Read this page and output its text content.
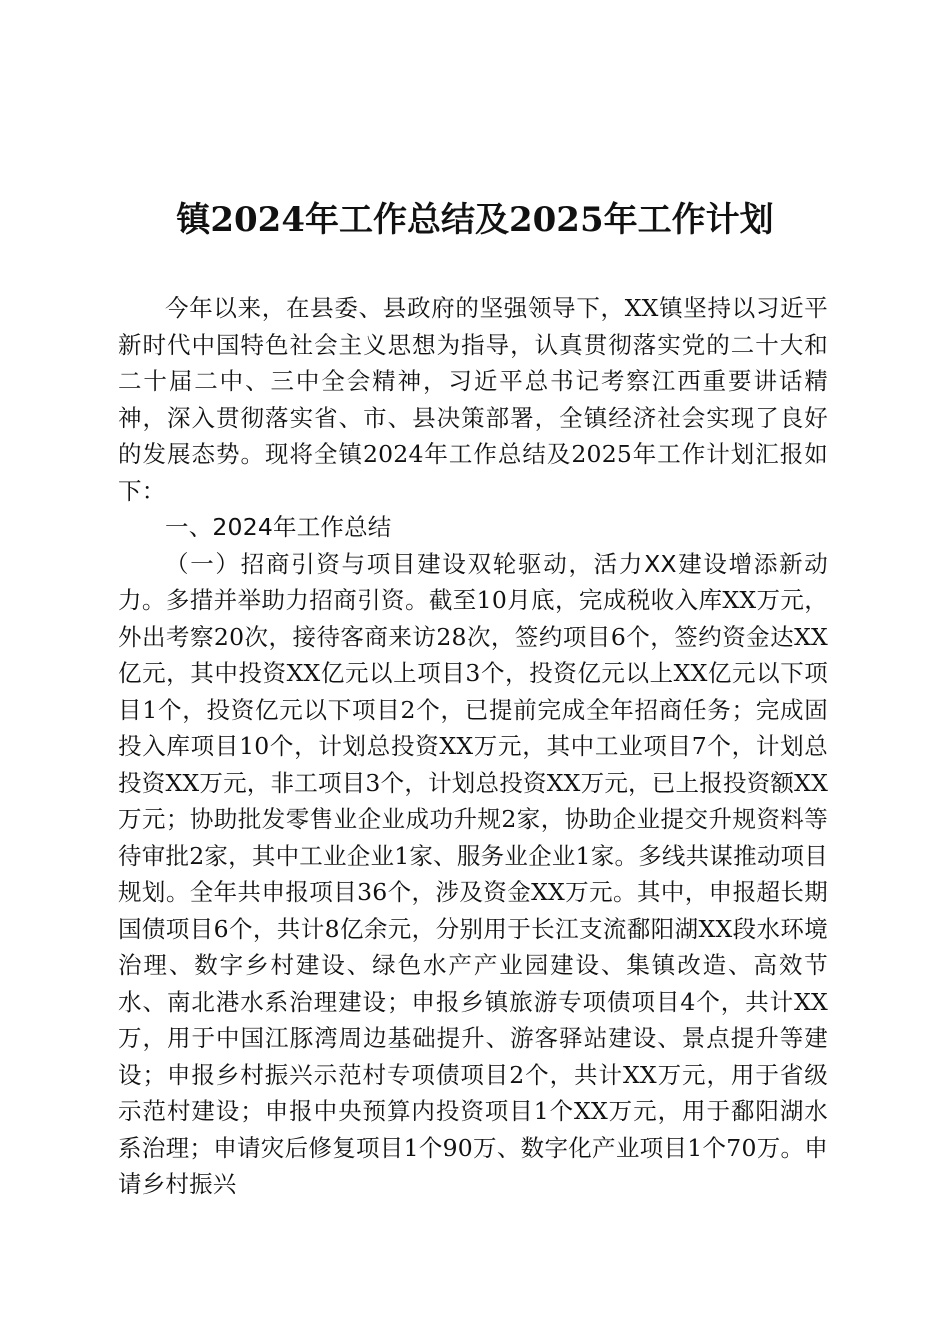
镇2024年工作总结及2025年工作计划

今年以来，在县委、县政府的坚强领导下，XX镇坚持以习近平新时代中国特色社会主义思想为指导，认真贯彻落实党的二十大和二十届二中、三中全会精神，习近平总书记考察江西重要讲话精神，深入贯彻落实省、市、县决策部署，全镇经济社会实现了良好的发展态势。现将全镇2024年工作总结及2025年工作计划汇报如下：

一、2024年工作总结

（一）招商引资与项目建设双轮驱动，活力XX建设增添新动力。多措并举助力招商引资。截至10月底，完成税收入库XX万元，外出考察20次，接待客商来访28次，签约项目6个，签约资金达XX亿元，其中投资XX亿元以上项目3个，投资亿元以上XX亿元以下项目1个，投资亿元以下项目2个，已提前完成全年招商任务；完成固投入库项目10个，计划总投资XX万元，其中工业项目7个，计划总投资XX万元，非工项目3个，计划总投资XX万元，已上报投资额XX万元；协助批发零售业企业成功升规2家，协助企业提交升规资料等待审批2家，其中工业企业1家、服务业企业1家。多线共谋推动项目规划。全年共申报项目36个，涉及资金XX万元。其中，申报超长期国债项目6个，共计8亿余元，分别用于长江支流鄱阳湖XX段水环境治理、数字乡村建设、绿色水产产业园建设、集镇改造、高效节水、南北港水系治理建设；申报乡镇旅游专项债项目4个，共计XX万，用于中国江豚湾周边基础提升、游客驿站建设、景点提升等建设；申报乡村振兴示范村专项债项目2个，共计XX万元，用于省级示范村建设；申报中央预算内投资项目1个XX万元，用于鄱阳湖水系治理；申请灾后修复项目1个90万、数字化产业项目1个70万。申请乡村振兴
